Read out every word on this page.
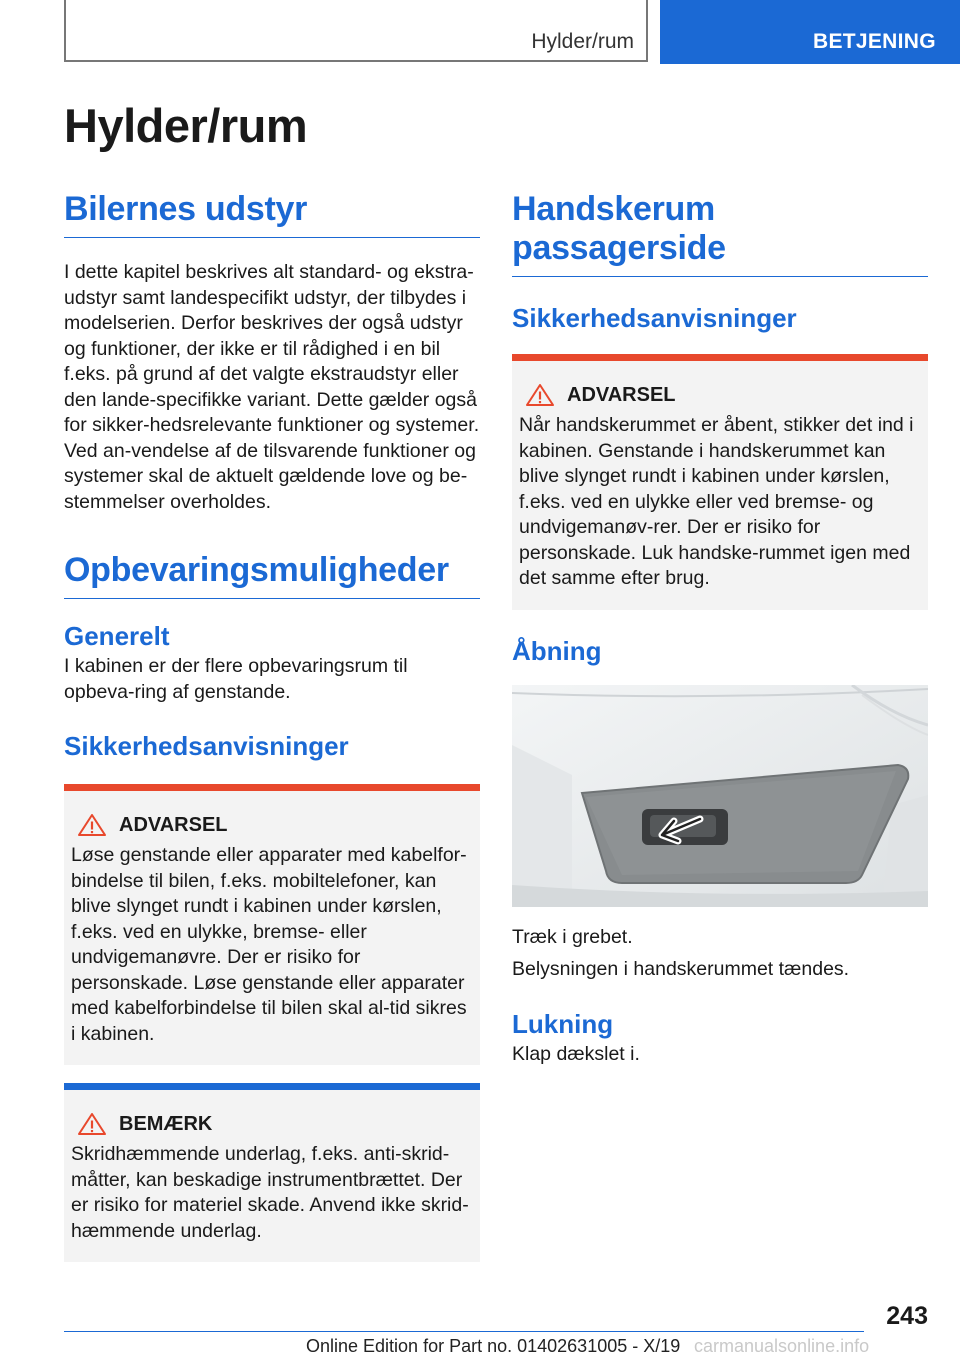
Hylder/rum	BETJENING
Hylder/rum
Bilernes udstyr

I dette kapitel beskrives alt standard- og ekstra-udstyr samt landespecifikt udstyr, der tilbydes i modelserien. Derfor beskrives der også udstyr og funktioner, der ikke er til rådighed i en bil f.eks. på grund af det valgte ekstraudstyr eller den lande-specifikke variant. Dette gælder også for sikker-hedsrelevante funktioner og systemer. Ved an-vendelse af de tilsvarende funktioner og systemer skal de aktuelt gældende love og be-stemmelser overholdes.

Opbevaringsmuligheder
Generelt

I kabinen er der flere opbevaringsrum til opbeva-ring af genstande.

Sikkerhedsanvisninger
ADVARSEL

Løse genstande eller apparater med kabelfor-bindelse til bilen, f.eks. mobiltelefoner, kan blive slynget rundt i kabinen under kørslen, f.eks. ved en ulykke, bremse- eller undvigemanøvre. Der er risiko for personskade. Løse genstande eller apparater med kabelforbindelse til bilen skal al-tid sikres i kabinen.

BEMÆRK

Skridhæmmende underlag, f.eks. anti-skrid-måtter, kan beskadige instrumentbrættet. Der er risiko for materiel skade. Anvend ikke skrid-hæmmende underlag.

Handskerum passagerside
Sikkerhedsanvisninger
ADVARSEL

Når handskerummet er åbent, stikker det ind i kabinen. Genstande i handskerummet kan blive slynget rundt i kabinen under kørslen, f.eks. ved en ulykke eller ved bremse- og undvigemanøv-rer. Der er risiko for personskade. Luk handske-rummet igen med det samme efter brug.

Åbning

Træk i grebet.

Belysningen i handskerummet tændes.

Lukning

Klap dækslet i.

243
Online Edition for Part no. 01402631005 - X/19 carmanualsonline.info
